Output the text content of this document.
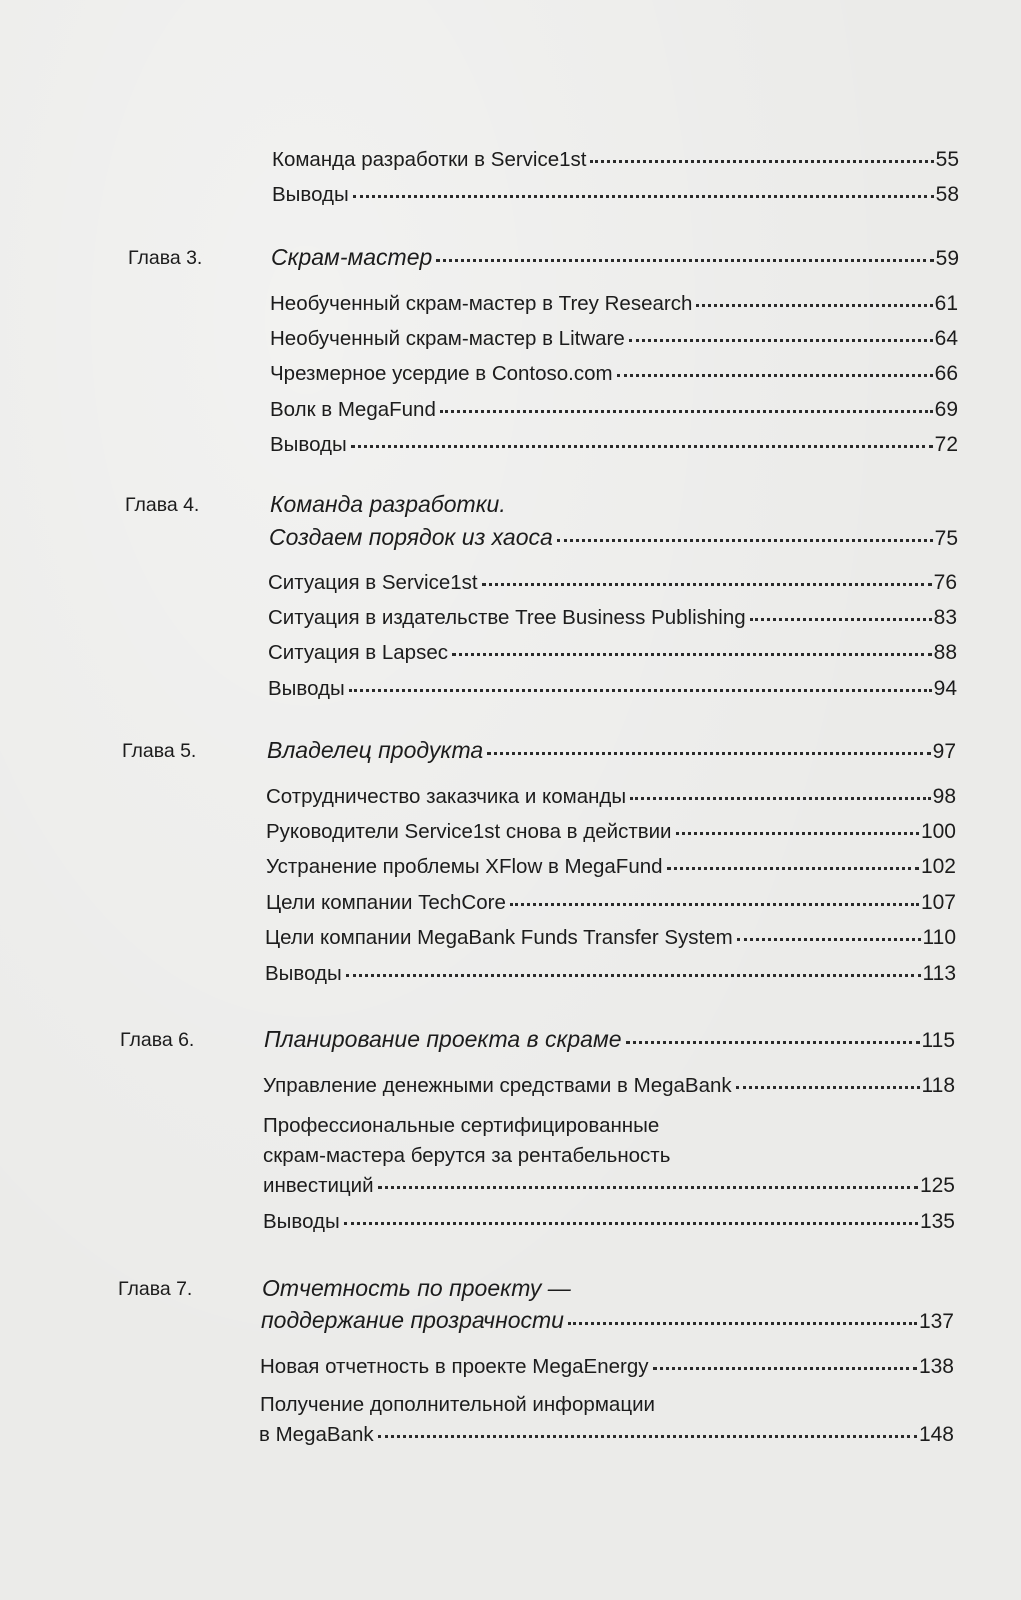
Команда разработки в Service1st	55
Выводы	58
Глава 3.	Скрам-мастер	59
Необученный скрам-мастер в Trey Research	61
Необученный скрам-мастер в Litware	64
Чрезмерное усердие в Contoso.com	66
Волк в MegaFund	69
Выводы	72
Глава 4.	Команда разработки.
Создаем порядок из хаоса	75
Ситуация в Service1st	76
Ситуация в издательстве Tree Business Publishing	83
Ситуация в Lapsec	88
Выводы	94
Глава 5.	Владелец продукта	97
Сотрудничество заказчика и команды	98
Руководители Service1st снова в действии	100
Устранение проблемы XFlow в MegaFund	102
Цели компании TechCore	107
Цели компании MegaBank Funds Transfer System	110
Выводы	113
Глава 6.	Планирование проекта в скраме	115
Управление денежными средствами в MegaBank	118
Профессиональные сертифицированные
скрам-мастера берутся за рентабельность
инвестиций	125
Выводы	135
Глава 7.	Отчетность по проекту —
поддержание прозрачности	137
Новая отчетность в проекте MegaEnergy	138
Получение дополнительной информации
в MegaBank	148
